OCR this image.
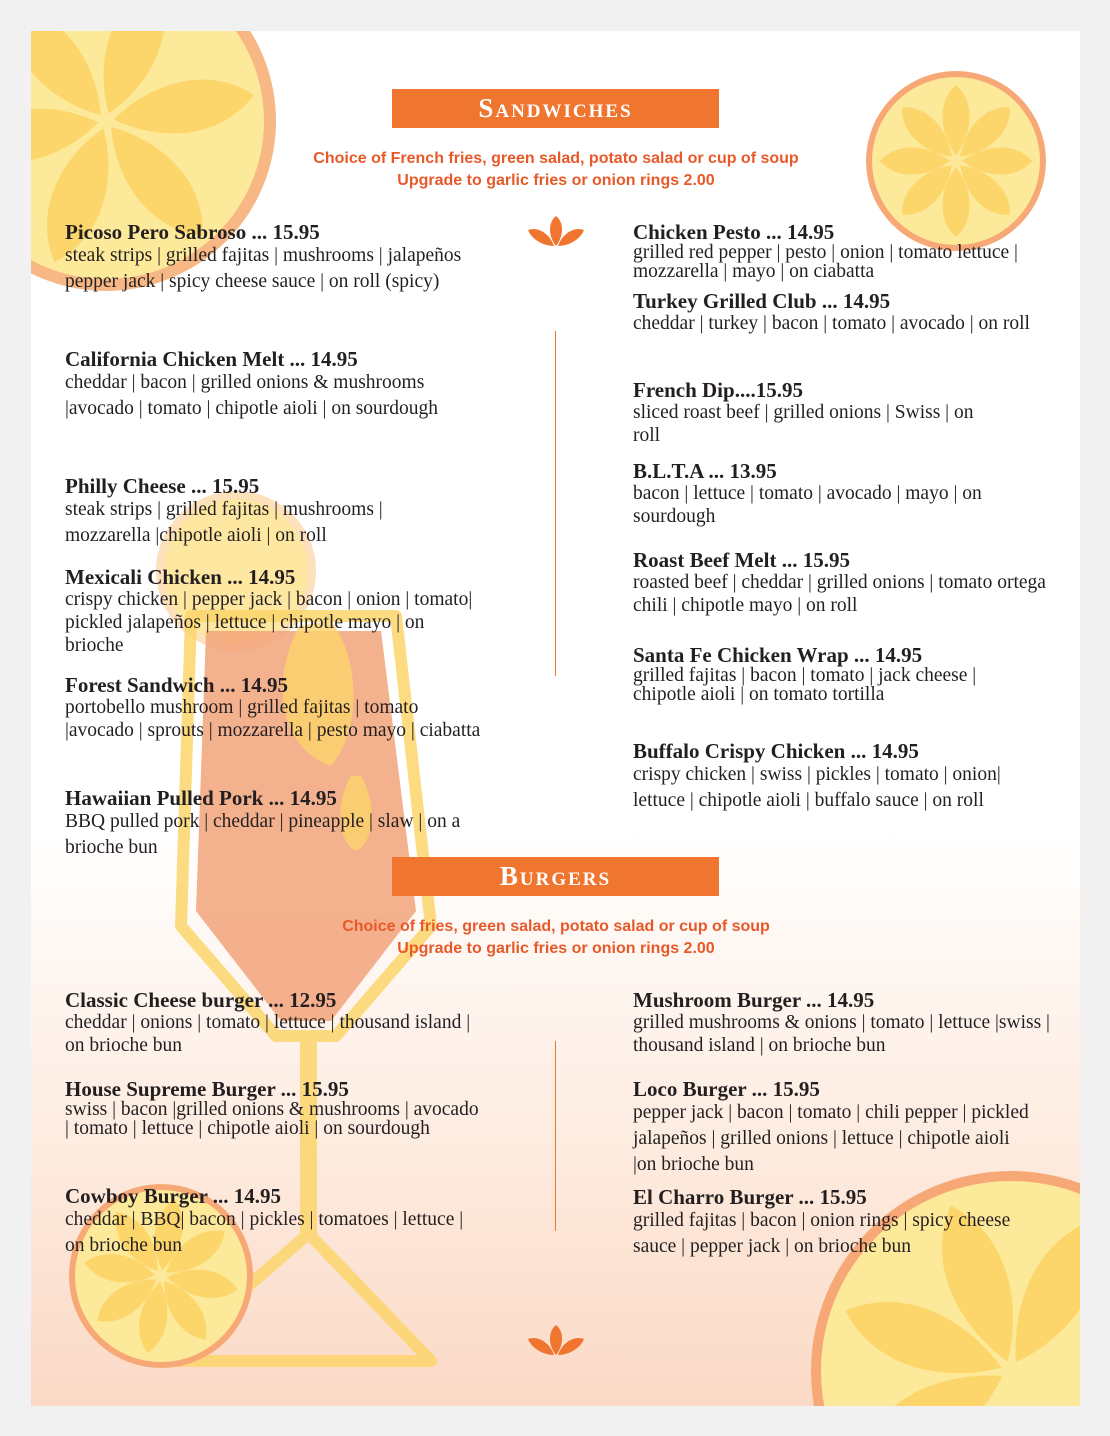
Sandwiches
Choice of French fries, green salad, potato salad or cup of soup
Upgrade to garlic fries or onion rings 2.00
Picoso Pero Sabroso ... 15.95
steak strips | grilled fajitas | mushrooms | jalapeños pepper jack | spicy cheese sauce | on roll (spicy)
California Chicken Melt ... 14.95
cheddar | bacon | grilled onions & mushrooms |avocado | tomato | chipotle aioli | on sourdough
Philly Cheese ... 15.95
steak strips | grilled fajitas | mushrooms | mozzarella |chipotle aioli | on roll
Mexicali Chicken ... 14.95
crispy chicken | pepper jack | bacon | onion | tomato| pickled jalapeños | lettuce | chipotle mayo | on brioche
Forest Sandwich ... 14.95
portobello mushroom | grilled fajitas | tomato |avocado | sprouts | mozzarella | pesto mayo | ciabatta
Hawaiian Pulled Pork ... 14.95
BBQ pulled pork | cheddar | pineapple | slaw | on a brioche bun
Chicken Pesto ... 14.95
grilled red pepper | pesto | onion | tomato lettuce | mozzarella | mayo | on ciabatta
Turkey Grilled Club ... 14.95
cheddar | turkey | bacon | tomato | avocado | on roll
French Dip....15.95
sliced roast beef | grilled onions | Swiss | on roll
B.L.T.A ... 13.95
bacon | lettuce | tomato | avocado | mayo | on sourdough
Roast Beef Melt ... 15.95
roasted beef | cheddar | grilled onions | tomato ortega chili | chipotle mayo | on roll
Santa Fe Chicken Wrap ... 14.95
grilled fajitas | bacon | tomato | jack cheese | chipotle aioli | on tomato tortilla
Buffalo Crispy Chicken ... 14.95
crispy chicken | swiss | pickles | tomato | onion| lettuce | chipotle aioli | buffalo sauce | on roll
Burgers
Choice of fries, green salad, potato salad or cup of soup
Upgrade to garlic fries or onion rings 2.00
Classic Cheese burger ... 12.95
cheddar | onions | tomato | lettuce | thousand island | on brioche bun
House Supreme Burger ... 15.95
swiss | bacon |grilled onions & mushrooms | avocado | tomato | lettuce | chipotle aioli | on sourdough
Cowboy Burger ... 14.95
cheddar | BBQ| bacon | pickles | tomatoes | lettuce | on brioche bun
Mushroom Burger ... 14.95
grilled mushrooms & onions | tomato | lettuce |swiss | thousand island | on brioche bun
Loco Burger ... 15.95
pepper jack | bacon | tomato | chili pepper | pickled jalapeños | grilled onions | lettuce | chipotle aioli |on brioche bun
El Charro Burger ... 15.95
grilled fajitas | bacon | onion rings | spicy cheese sauce | pepper jack | on brioche bun
